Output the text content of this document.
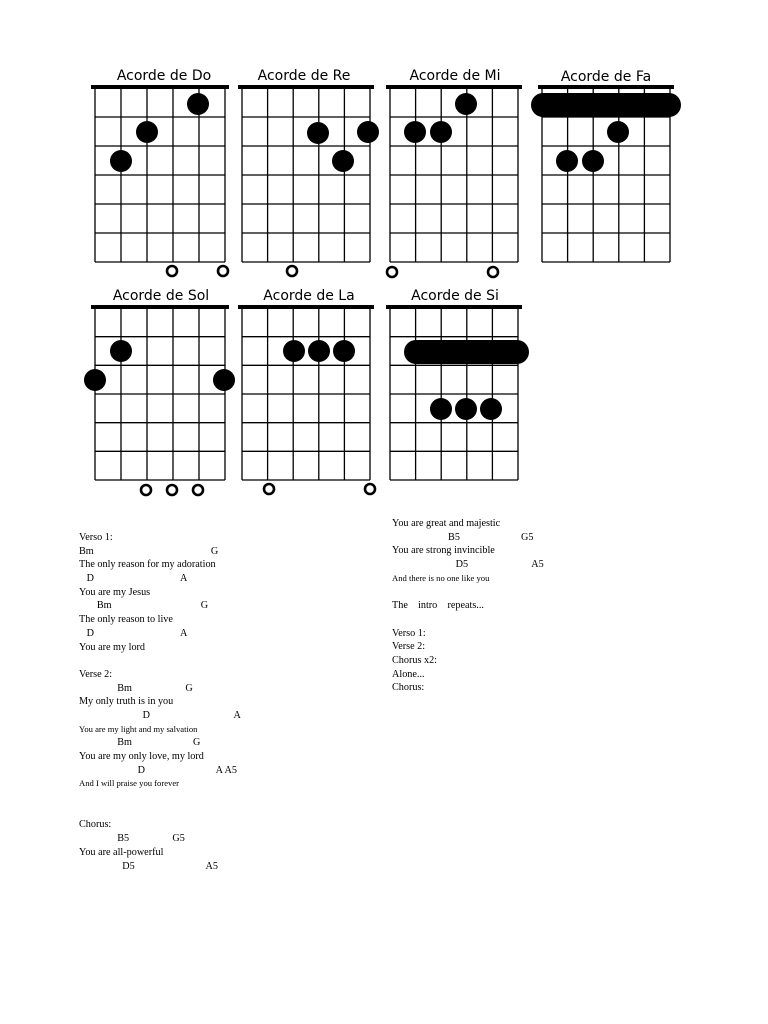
Acorde de Do	Acorde de Re	Acorde de Mi	Acorde de Fa
Acorde de Sol	Acorde de La	Acorde de Si
Verso 1:
Bm                                              G
The only reason for my adoration
D                                  A
You are my Jesus
Bm                                   G
The only reason to live
D                                  A
You are my lord
Verse 2:
Bm                     G
My only truth is in you
D                                 A
You are my light and my salvation
Bm                        G
You are my only love, my lord
D                            A A5
And I will praise you forever
Chorus:
B5                 G5
You are all-powerful
D5                            A5
You are great and majestic
B5                        G5
You are strong invincible
D5                         A5
And there is no one like you
The    intro    repeats...
Verso 1:
Verse 2:
Chorus x2:
Alone...
Chorus:
